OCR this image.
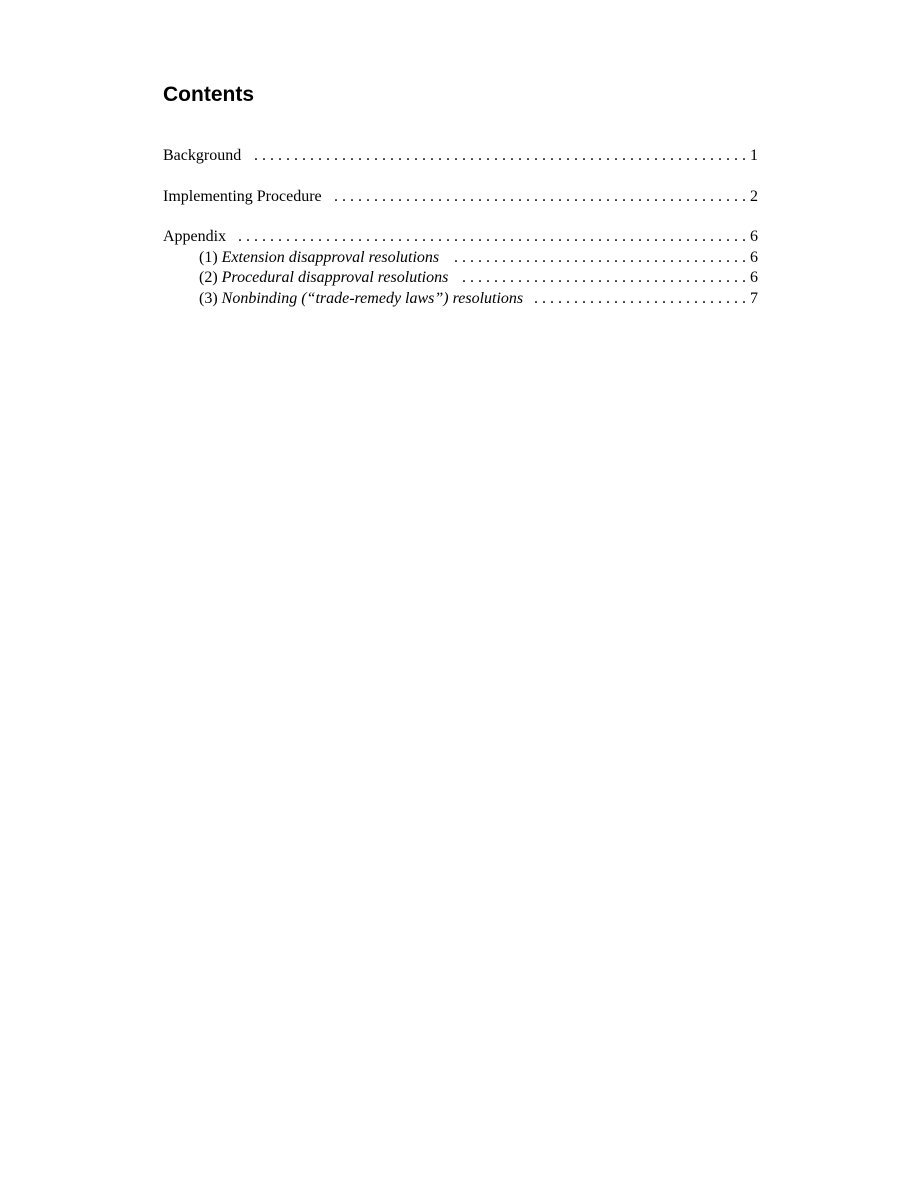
Contents
Background . . .	1
Implementing Procedure . . .	2
Appendix . . .	6
(1) Extension disapproval resolutions . . .	6
(2) Procedural disapproval resolutions . . .	6
(3) Nonbinding (“trade-remedy laws”) resolutions . . .	7
